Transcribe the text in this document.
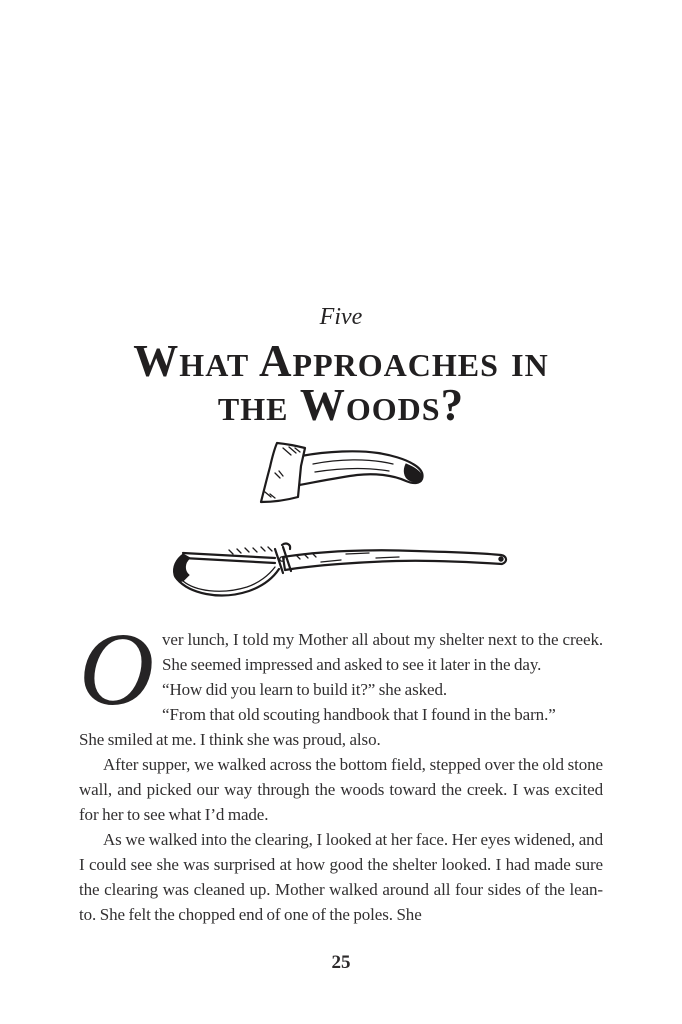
Five
What Approaches in
the Woods?

Over lunch, I told my Mother all about my shelter next to the creek. She seemed impressed and asked to see it later in the day.

“How did you learn to build it?” she asked.

“From that old scouting handbook that I found in the barn.”

She smiled at me. I think she was proud, also.

After supper, we walked across the bottom field, stepped over the old stone wall, and picked our way through the woods toward the creek. I was excited for her to see what I’d made.

As we walked into the clearing, I looked at her face. Her eyes widened, and I could see she was surprised at how good the shelter looked. I had made sure the clearing was cleaned up. Mother walked around all four sides of the lean-to. She felt the chopped end of one of the poles. She

25
